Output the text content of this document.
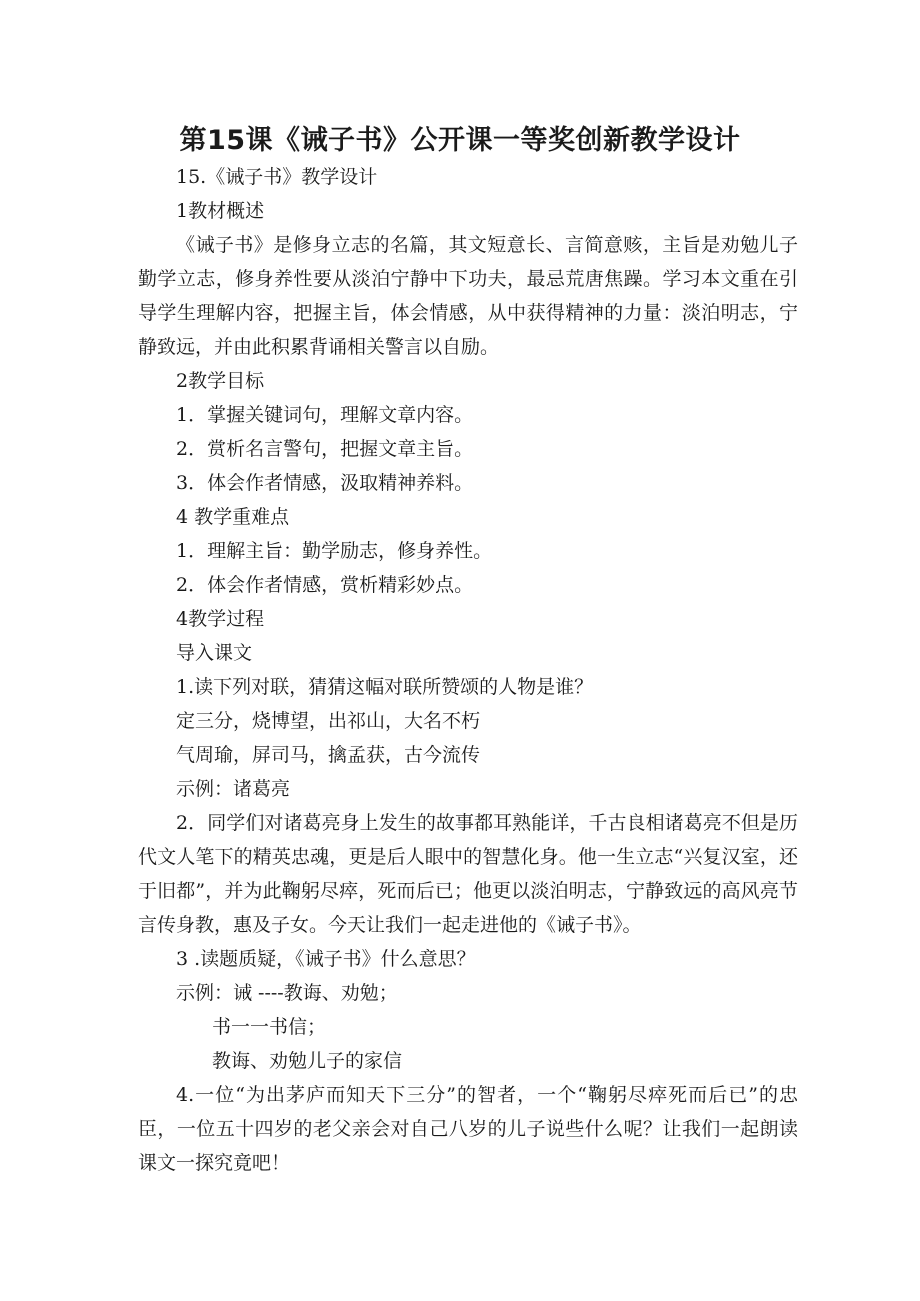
第15课《诫子书》公开课一等奖创新教学设计
15.《诫子书》教学设计
1教材概述
《诫子书》是修身立志的名篇，其文短意长、言简意赅，主旨是劝勉儿子勤学立志，修身养性要从淡泊宁静中下功夫，最忌荒唐焦躁。学习本文重在引导学生理解内容，把握主旨，体会情感，从中获得精神的力量：淡泊明志，宁静致远，并由此积累背诵相关警言以自励。
2教学目标
1．掌握关键词句，理解文章内容。
2．赏析名言警句，把握文章主旨。
3．体会作者情感，汲取精神养料。
4 教学重难点
1．理解主旨：勤学励志，修身养性。
2．体会作者情感，赏析精彩妙点。
4教学过程
导入课文
1.读下列对联，猜猜这幅对联所赞颂的人物是谁？
定三分，烧博望，出祁山，大名不朽
气周瑜，屏司马，擒孟获，古今流传
示例：诸葛亮
2．同学们对诸葛亮身上发生的故事都耳熟能详，千古良相诸葛亮不但是历代文人笔下的精英忠魂，更是后人眼中的智慧化身。他一生立志“兴复汉室，还于旧都”，并为此鞠躬尽瘁，死而后已；他更以淡泊明志，宁静致远的高风亮节言传身教，惠及子女。今天让我们一起走进他的《诫子书》。
3 .读题质疑，《诫子书》什么意思？
示例：诫 ----教诲、劝勉；
书一一书信；
教诲、劝勉儿子的家信
4.一位“为出茅庐而知天下三分”的智者，一个“鞠躬尽瘁死而后已”的忠臣，一位五十四岁的老父亲会对自己八岁的儿子说些什么呢？让我们一起朗读课文一探究竟吧！
